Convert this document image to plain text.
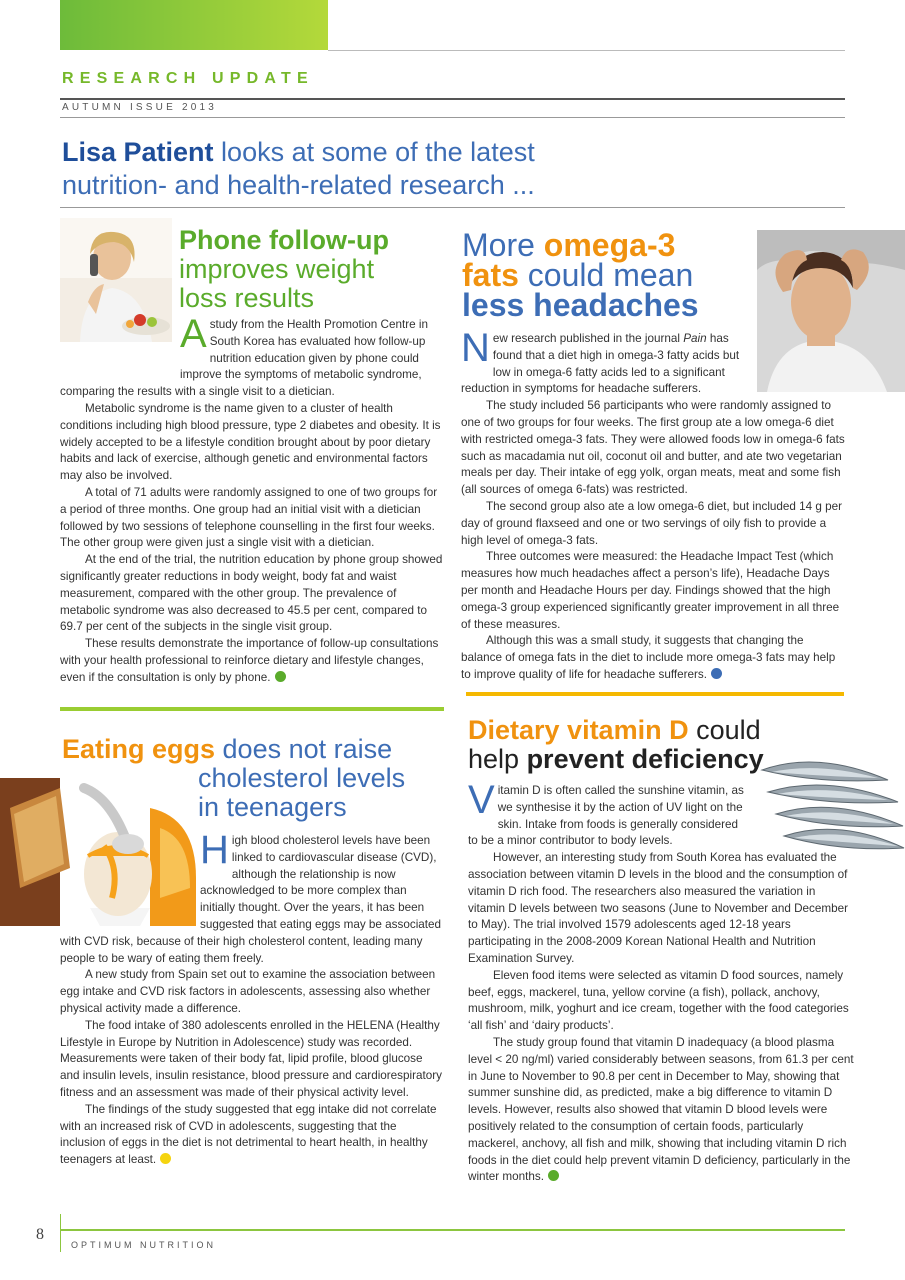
RESEARCH UPDATE
AUTUMN ISSUE 2013
Lisa Patient looks at some of the latest
nutrition- and health-related research ...
Phone follow-up
improves weight
loss results

Astudy from the Health Promotion Centre in South Korea has evaluated how follow-up nutrition education given by phone could improve the symptoms of metabolic syndrome, comparing the results with a single visit to a dietician.

Metabolic syndrome is the name given to a cluster of health conditions including high blood pressure, type 2 diabetes and obesity. It is widely accepted to be a lifestyle condition brought about by poor dietary habits and lack of exercise, although genetic and environmental factors may also be involved.

A total of 71 adults were randomly assigned to one of two groups for a period of three months. One group had an initial visit with a dietician followed by two sessions of telephone counselling in the first four weeks. The other group were given just a single visit with a dietician.

At the end of the trial, the nutrition education by phone group showed significantly greater reductions in body weight, body fat and waist measurement, compared with the other group. The prevalence of metabolic syndrome was also decreased to 45.5 per cent, compared to 69.7 per cent of the subjects in the single visit group.

These results demonstrate the importance of follow-up consultations with your health professional to reinforce dietary and lifestyle changes, even if the consultation is only by phone.

More omega-3
fats could mean
less headaches

New research published in the journal Pain has found that a diet high in omega-3 fatty acids but low in omega-6 fatty acids led to a significant reduction in symptoms for headache sufferers.

The study included 56 participants who were randomly assigned to one of two groups for four weeks. The first group ate a low omega-6 diet with restricted omega-3 fats. They were allowed foods low in omega-6 fats such as macadamia nut oil, coconut oil and butter, and ate two vegetarian meals per day. Their intake of egg yolk, organ meats, meat and some fish (all sources of omega 6-fats) was restricted.

The second group also ate a low omega-6 diet, but included 14 g per day of ground flaxseed and one or two servings of oily fish to provide a high level of omega-3 fats.

Three outcomes were measured: the Headache Impact Test (which measures how much headaches affect a person’s life), Headache Days per month and Headache Hours per day. Findings showed that the high omega-3 group experienced significantly greater improvement in all three of these measures.

Although this was a small study, it suggests that changing the balance of omega fats in the diet to include more omega-3 fats may help to improve quality of life for headache sufferers.

Eating eggs does not raise
cholesterol levels
in teenagers

High blood cholesterol levels have been linked to cardiovascular disease (CVD), although the relationship is now acknowledged to be more complex than initially thought. Over the years, it has been suggested that eating eggs may be associated with CVD risk, because of their high cholesterol content, leading many people to be wary of eating them freely.

A new study from Spain set out to examine the association between egg intake and CVD risk factors in adolescents, assessing also whether physical activity made a difference.

The food intake of 380 adolescents enrolled in the HELENA (Healthy Lifestyle in Europe by Nutrition in Adolescence) study was recorded. Measurements were taken of their body fat, lipid profile, blood glucose and insulin levels, insulin resistance, blood pressure and cardiorespiratory fitness and an assessment was made of their physical activity level.

The findings of the study suggested that egg intake did not correlate with an increased risk of CVD in adolescents, suggesting that the inclusion of eggs in the diet is not detrimental to heart health, in healthy teenagers at least.

Dietary vitamin D could
help prevent deficiency

Vitamin D is often called the sunshine vitamin, as we synthesise it by the action of UV light on the skin. Intake from foods is generally considered to be a minor contributor to body levels.

However, an interesting study from South Korea has evaluated the association between vitamin D levels in the blood and the consumption of vitamin D rich food. The researchers also measured the variation in vitamin D levels between two seasons (June to November and December to May). The trial involved 1579 adolescents aged 12-18 years participating in the 2008-2009 Korean National Health and Nutrition Examination Survey.

Eleven food items were selected as vitamin D food sources, namely beef, eggs, mackerel, tuna, yellow corvine (a fish), pollack, anchovy, mushroom, milk, yoghurt and ice cream, together with the food categories ‘all fish’ and ‘dairy products’.

The study group found that vitamin D inadequacy (a blood plasma level < 20 ng/ml) varied considerably between seasons, from 61.3 per cent in June to November to 90.8 per cent in December to May, showing that summer sunshine did, as predicted, make a big difference to vitamin D levels. However, results also showed that vitamin D blood levels were positively related to the consumption of certain foods, particularly mackerel, anchovy, all fish and milk, showing that including vitamin D rich foods in the diet could help prevent vitamin D deficiency, particularly in the winter months.

8
OPTIMUM NUTRITION
